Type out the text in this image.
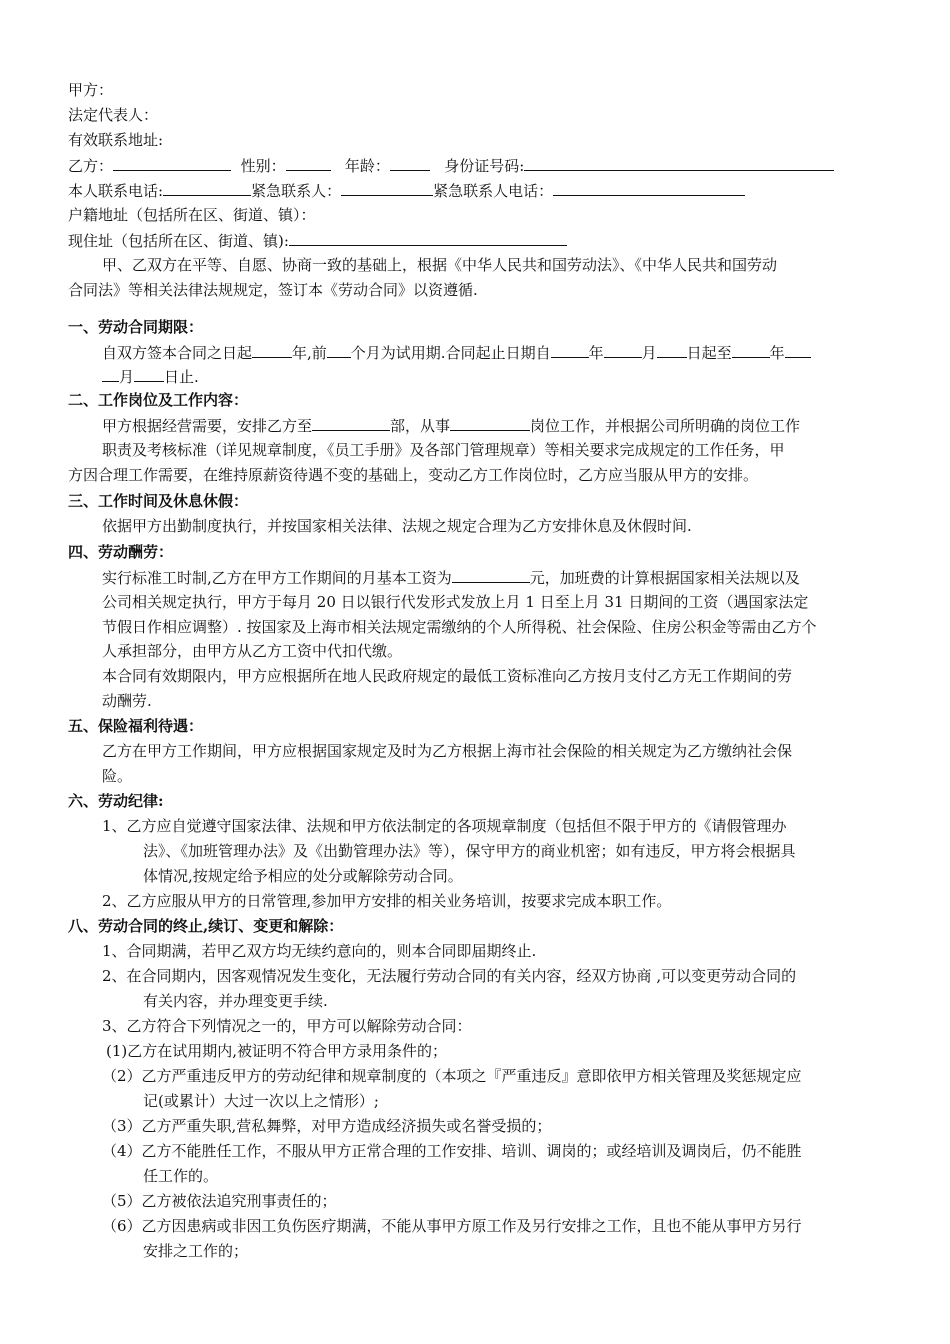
甲方：
法定代表人：
有效联系地址:
乙方：	性别：	年龄：	身份证号码:
本人联系电话:	紧急联系人：	紧急联系人电话：
户籍地址（包括所在区、街道、镇）：
现住址（包括所在区、街道、镇):
甲、乙双方在平等、自愿、协商一致的基础上，根据《中华人民共和国劳动法》、《中华人民共和国劳动
合同法》等相关法律法规规定，签订本《劳动合同》以资遵循.
一、劳动合同期限：
自双方签本合同之日起	年,前 个月为试用期.合同起止日期自	年	月 日起至	年
月 日止.
二、工作岗位及工作内容：
甲方根据经营需要，安排乙方至	部，从事	岗位工作，并根据公司所明确的岗位工作
职责及考核标准（详见规章制度，《员工手册》及各部门管理规章）等相关要求完成规定的工作任务，甲
方因合理工作需要，在维持原薪资待遇不变的基础上，变动乙方工作岗位时，乙方应当服从甲方的安排。
三、工作时间及休息休假：
依据甲方出勤制度执行，并按国家相关法律、法规之规定合理为乙方安排休息及休假时间.
四、劳动酬劳：
实行标准工时制,乙方在甲方工作期间的月基本工资为	元，加班费的计算根据国家相关法规以及
公司相关规定执行，甲方于每月 20 日以银行代发形式发放上月 1 日至上月 31 日期间的工资（遇国家法定
节假日作相应调整）. 按国家及上海市相关法规定需缴纳的个人所得税、社会保险、住房公积金等需由乙方个
人承担部分，由甲方从乙方工资中代扣代缴。
本合同有效期限内，甲方应根据所在地人民政府规定的最低工资标准向乙方按月支付乙方无工作期间的劳
动酬劳.
五、保险福利待遇：
乙方在甲方工作期间，甲方应根据国家规定及时为乙方根据上海市社会保险的相关规定为乙方缴纳社会保
险。
六、劳动纪律:
1、乙方应自觉遵守国家法律、法规和甲方依法制定的各项规章制度（包括但不限于甲方的《请假管理办
法》、《加班管理办法》及《出勤管理办法》等），保守甲方的商业机密；如有违反，甲方将会根据具
体情况,按规定给予相应的处分或解除劳动合同。
2、乙方应服从甲方的日常管理,参加甲方安排的相关业务培训，按要求完成本职工作。
八、劳动合同的终止,续订、变更和解除：
1、合同期满，若甲乙双方均无续约意向的，则本合同即届期终止.
2、在合同期内，因客观情况发生变化，无法履行劳动合同的有关内容，经双方协商 ,可以变更劳动合同的
有关内容，并办理变更手续.
3、乙方符合下列情况之一的，甲方可以解除劳动合同：
(1)乙方在试用期内,被证明不符合甲方录用条件的；
（2）乙方严重违反甲方的劳动纪律和规章制度的（本项之『严重违反』意即依甲方相关管理及奖惩规定应
记(或累计）大过一次以上之情形）;
（3）乙方严重失职,营私舞弊，对甲方造成经济损失或名誉受损的；
（4）乙方不能胜任工作，不服从甲方正常合理的工作安排、培训、调岗的；或经培训及调岗后，仍不能胜
任工作的。
（5）乙方被依法追究刑事责任的；
（6）乙方因患病或非因工负伤医疗期满，不能从事甲方原工作及另行安排之工作，且也不能从事甲方另行
安排之工作的；
